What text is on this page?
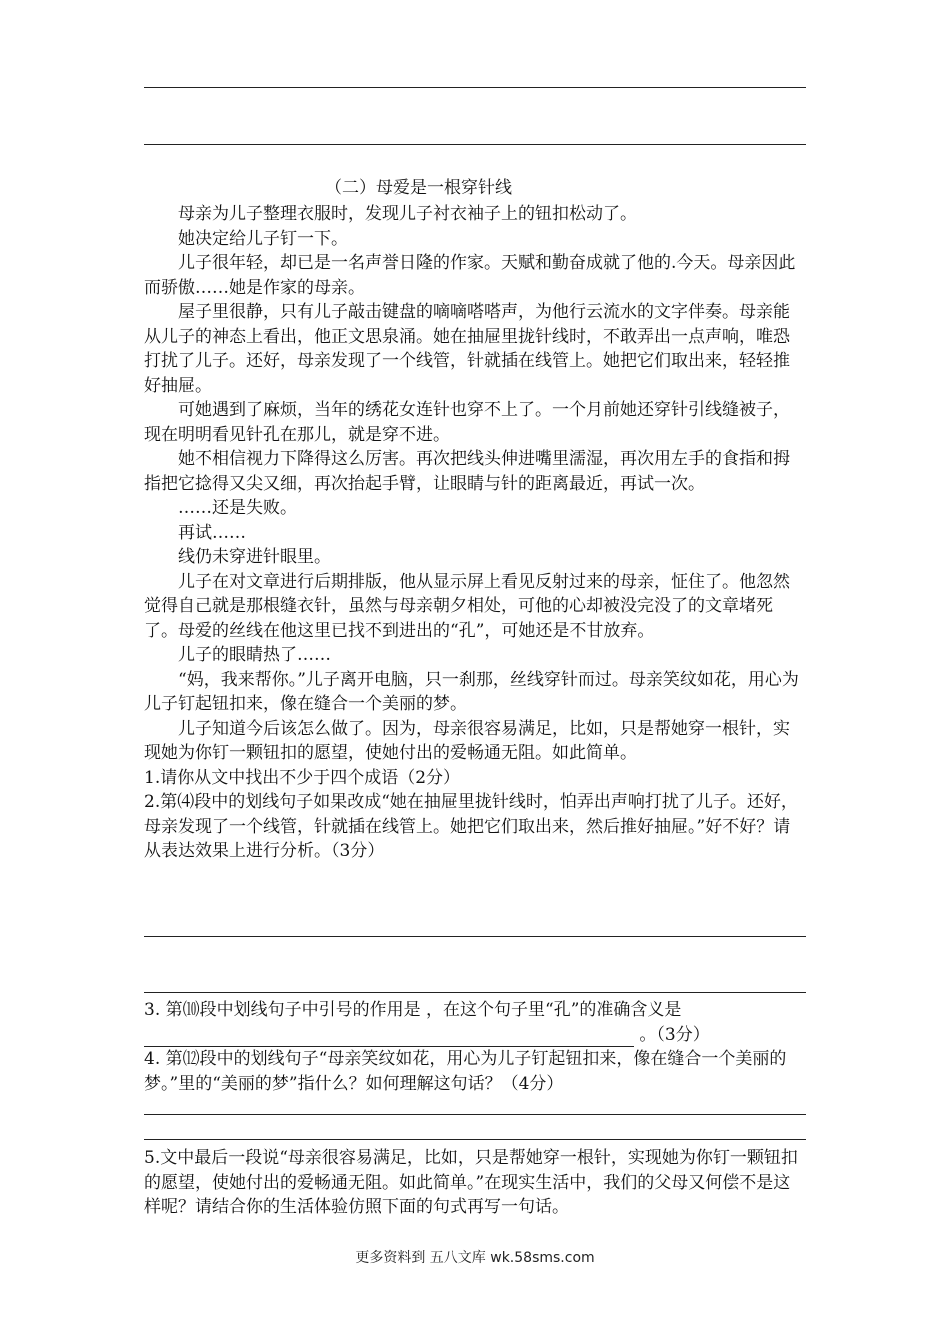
（二）母爱是一根穿针线

母亲为儿子整理衣服时，发现儿子衬衣袖子上的钮扣松动了。

她决定给儿子钉一下。

儿子很年轻，却已是一名声誉日隆的作家。天赋和勤奋成就了他的.今天。母亲因此而骄傲……她是作家的母亲。

屋子里很静，只有儿子敲击键盘的嘀嘀嗒嗒声，为他行云流水的文字伴奏。母亲能从儿子的神态上看出，他正文思泉涌。她在抽屉里拢针线时，不敢弄出一点声响，唯恐打扰了儿子。还好，母亲发现了一个线管，针就插在线管上。她把它们取出来，轻轻推好抽屉。

可她遇到了麻烦，当年的绣花女连针也穿不上了。一个月前她还穿针引线缝被子，现在明明看见针孔在那儿，就是穿不进。

她不相信视力下降得这么厉害。再次把线头伸进嘴里濡湿，再次用左手的食指和拇指把它捻得又尖又细，再次抬起手臂，让眼睛与针的距离最近，再试一次。

……还是失败。

再试……

线仍未穿进针眼里。

儿子在对文章进行后期排版，他从显示屏上看见反射过来的母亲，怔住了。他忽然觉得自己就是那根缝衣针，虽然与母亲朝夕相处，可他的心却被没完没了的文章堵死了。母爱的丝线在他这里已找不到进出的“孔”，可她还是不甘放弃。

儿子的眼睛热了……

“妈，我来帮你。”儿子离开电脑，只一刹那，丝线穿针而过。母亲笑纹如花，用心为儿子钉起钮扣来，像在缝合一个美丽的梦。

儿子知道今后该怎么做了。因为，母亲很容易满足，比如，只是帮她穿一根针，实现她为你钉一颗钮扣的愿望，使她付出的爱畅通无阻。如此简单。

1.请你从文中找出不少于四个成语（2分）

2.第⑷段中的划线句子如果改成“她在抽屉里拢针线时，怕弄出声响打扰了儿子。还好，母亲发现了一个线管，针就插在线管上。她把它们取出来，然后推好抽屉。”好不好？请从表达效果上进行分析。（3分）

3. 第⑽段中划线句子中引号的作用是 ，在这个句子里“孔”的准确含义是
。（3分）

4. 第⑿段中的划线句子“母亲笑纹如花，用心为儿子钉起钮扣来，像在缝合一个美丽的梦。”里的“美丽的梦”指什么？如何理解这句话？（4分）

5.文中最后一段说“母亲很容易满足，比如，只是帮她穿一根针，实现她为你钉一颗钮扣的愿望，使她付出的爱畅通无阻。如此简单。”在现实生活中，我们的父母又何偿不是这样呢？请结合你的生活体验仿照下面的句式再写一句话。

更多资料到 五八文库 wk.58sms.com
